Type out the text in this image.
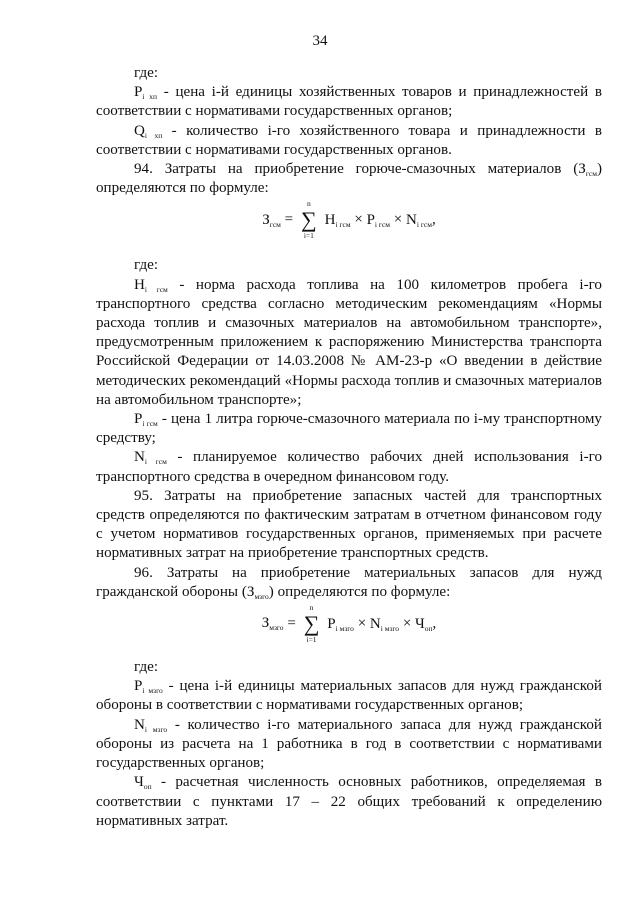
34

где:

$P_{i хп}$ - цена i-й единицы хозяйственных товаров и принадлежностей в соответствии с нормативами государственных органов;

$Q_{i хп}$ - количество i-го хозяйственного товара и принадлежности в соответствии с нормативами государственных органов.

94. Затраты на приобретение горюче-смазочных материалов $(З_{гсм})$ определяются по формуле:

$З_{гсм}$ =
n
∑
i=1
$H_{i гсм} \times P_{i гсм} \times N_{i гсм}$,

где:

$H_{i гсм}$ - норма расхода топлива на 100 километров пробега i-го транспортного средства согласно методическим рекомендациям «Нормы расхода топлив и смазочных материалов на автомобильном транспорте», предусмотренным приложением к распоряжению Министерства транспорта Российской Федерации от 14.03.2008 № АМ-23-р «О введении в действие методических рекомендаций «Нормы расхода топлив и смазочных материалов на автомобильном транспорте»;

$P_{i гсм}$ - цена 1 литра горюче-смазочного материала по i-му транспортному средству;

$N_{i гсм}$ - планируемое количество рабочих дней использования i-го транспортного средства в очередном финансовом году.

95. Затраты на приобретение запасных частей для транспортных средств определяются по фактическим затратам в отчетном финансовом году с учетом нормативов государственных органов, применяемых при расчете нормативных затрат на приобретение транспортных средств.

96. Затраты на приобретение материальных запасов для нужд гражданской обороны $(З_{мзго})$ определяются по формуле:

$З_{мзго}$ =
n
∑
i=1
$P_{i мзго} \times N_{i мзго} \times Ч_{оп}$,

где:

$P_{i мзго}$ - цена i-й единицы материальных запасов для нужд гражданской обороны в соответствии с нормативами государственных органов;

$N_{i мзго}$ - количество i-го материального запаса для нужд гражданской обороны из расчета на 1 работника в год в соответствии с нормативами государственных органов;

$Ч_{оп}$ - расчетная численность основных работников, определяемая в соответствии с пунктами 17 – 22 общих требований к определению нормативных затрат.
